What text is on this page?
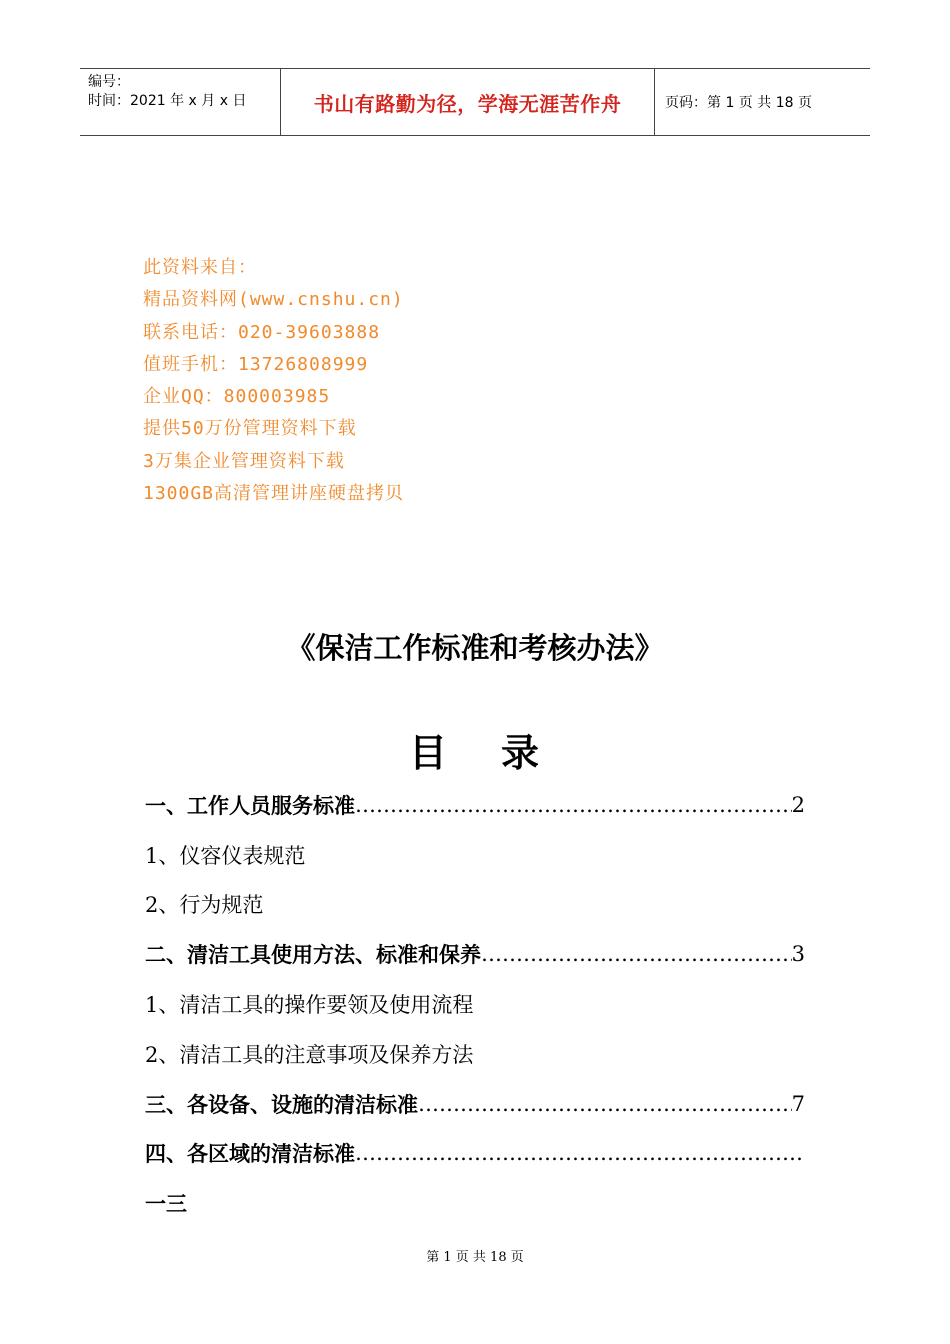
编号：
时间：2021 年 x 月 x 日	书山有路勤为径，学海无涯苦作舟	页码：第 1 页 共 18 页
此资料来自：
精品资料网(www.cnshu.cn)
联系电话：020-39603888
值班手机：13726808999
企业QQ：800003985
提供50万份管理资料下载
3万集企业管理资料下载
1300GB高清管理讲座硬盘拷贝
《保洁工作标准和考核办法》
目 录
一、工作人员服务标准 …………………………………………………………………………………………………………………………………………………………	2
1、仪容仪表规范
2、行为规范
二、清洁工具使用方法、标准和保养 …………………………………………………………………………………………………………………………………………………………	3
1、清洁工具的操作要领及使用流程
2、清洁工具的注意事项及保养方法
三、各设备、设施的清洁标准 …………………………………………………………………………………………………………………………………………………………	7
四、各区域的清洁标准
…………………………………………………………………………………………………………………………………………………………
一三
第 1 页 共 18 页
